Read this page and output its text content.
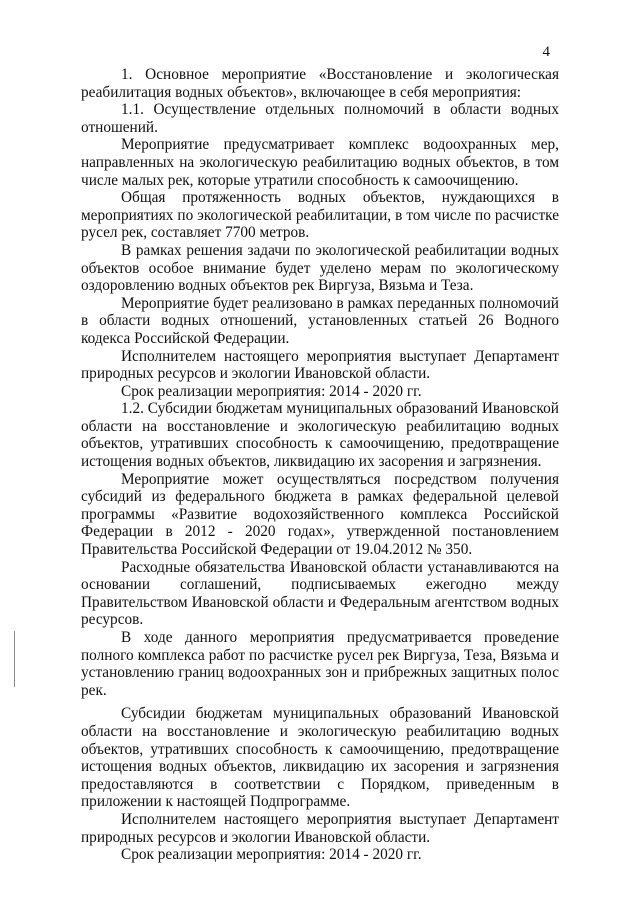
4

1. Основное мероприятие «Восстановление и экологическая реабилитация водных объектов», включающее в себя мероприятия:

1.1. Осуществление отдельных полномочий в области водных отношений.

Мероприятие предусматривает комплекс водоохранных мер, направленных на экологическую реабилитацию водных объектов, в том числе малых рек, которые утратили способность к самоочищению.

Общая протяженность водных объектов, нуждающихся в мероприятиях по экологической реабилитации, в том числе по расчистке русел рек, составляет 7700 метров.

В рамках решения задачи по экологической реабилитации водных объектов особое внимание будет уделено мерам по экологическому оздоровлению водных объектов рек Виргуза, Вязьма и Теза.

Мероприятие будет реализовано в рамках переданных полномочий в области водных отношений, установленных статьей 26 Водного кодекса Российской Федерации.

Исполнителем настоящего мероприятия выступает Департамент природных ресурсов и экологии Ивановской области.

Срок реализации мероприятия: 2014 - 2020 гг.

1.2. Субсидии бюджетам муниципальных образований Ивановской области на восстановление и экологическую реабилитацию водных объектов, утративших способность к самоочищению, предотвращение истощения водных объектов, ликвидацию их засорения и загрязнения.

Мероприятие может осуществляться посредством получения субсидий из федерального бюджета в рамках федеральной целевой программы «Развитие водохозяйственного комплекса Российской Федерации в 2012 - 2020 годах», утвержденной постановлением Правительства Российской Федерации от 19.04.2012 № 350.

Расходные обязательства Ивановской области устанавливаются на основании соглашений, подписываемых ежегодно между Правительством Ивановской области и Федеральным агентством водных ресурсов.

В ходе данного мероприятия предусматривается проведение полного комплекса работ по расчистке русел рек Виргуза, Теза, Вязьма и установлению границ водоохранных зон и прибрежных защитных полос рек.

Субсидии бюджетам муниципальных образований Ивановской области на восстановление и экологическую реабилитацию водных объектов, утративших способность к самоочищению, предотвращение истощения водных объектов, ликвидацию их засорения и загрязнения предоставляются в соответствии с Порядком, приведенным в приложении к настоящей Подпрограмме.

Исполнителем настоящего мероприятия выступает Департамент природных ресурсов и экологии Ивановской области.

Срок реализации мероприятия: 2014 - 2020 гг.
